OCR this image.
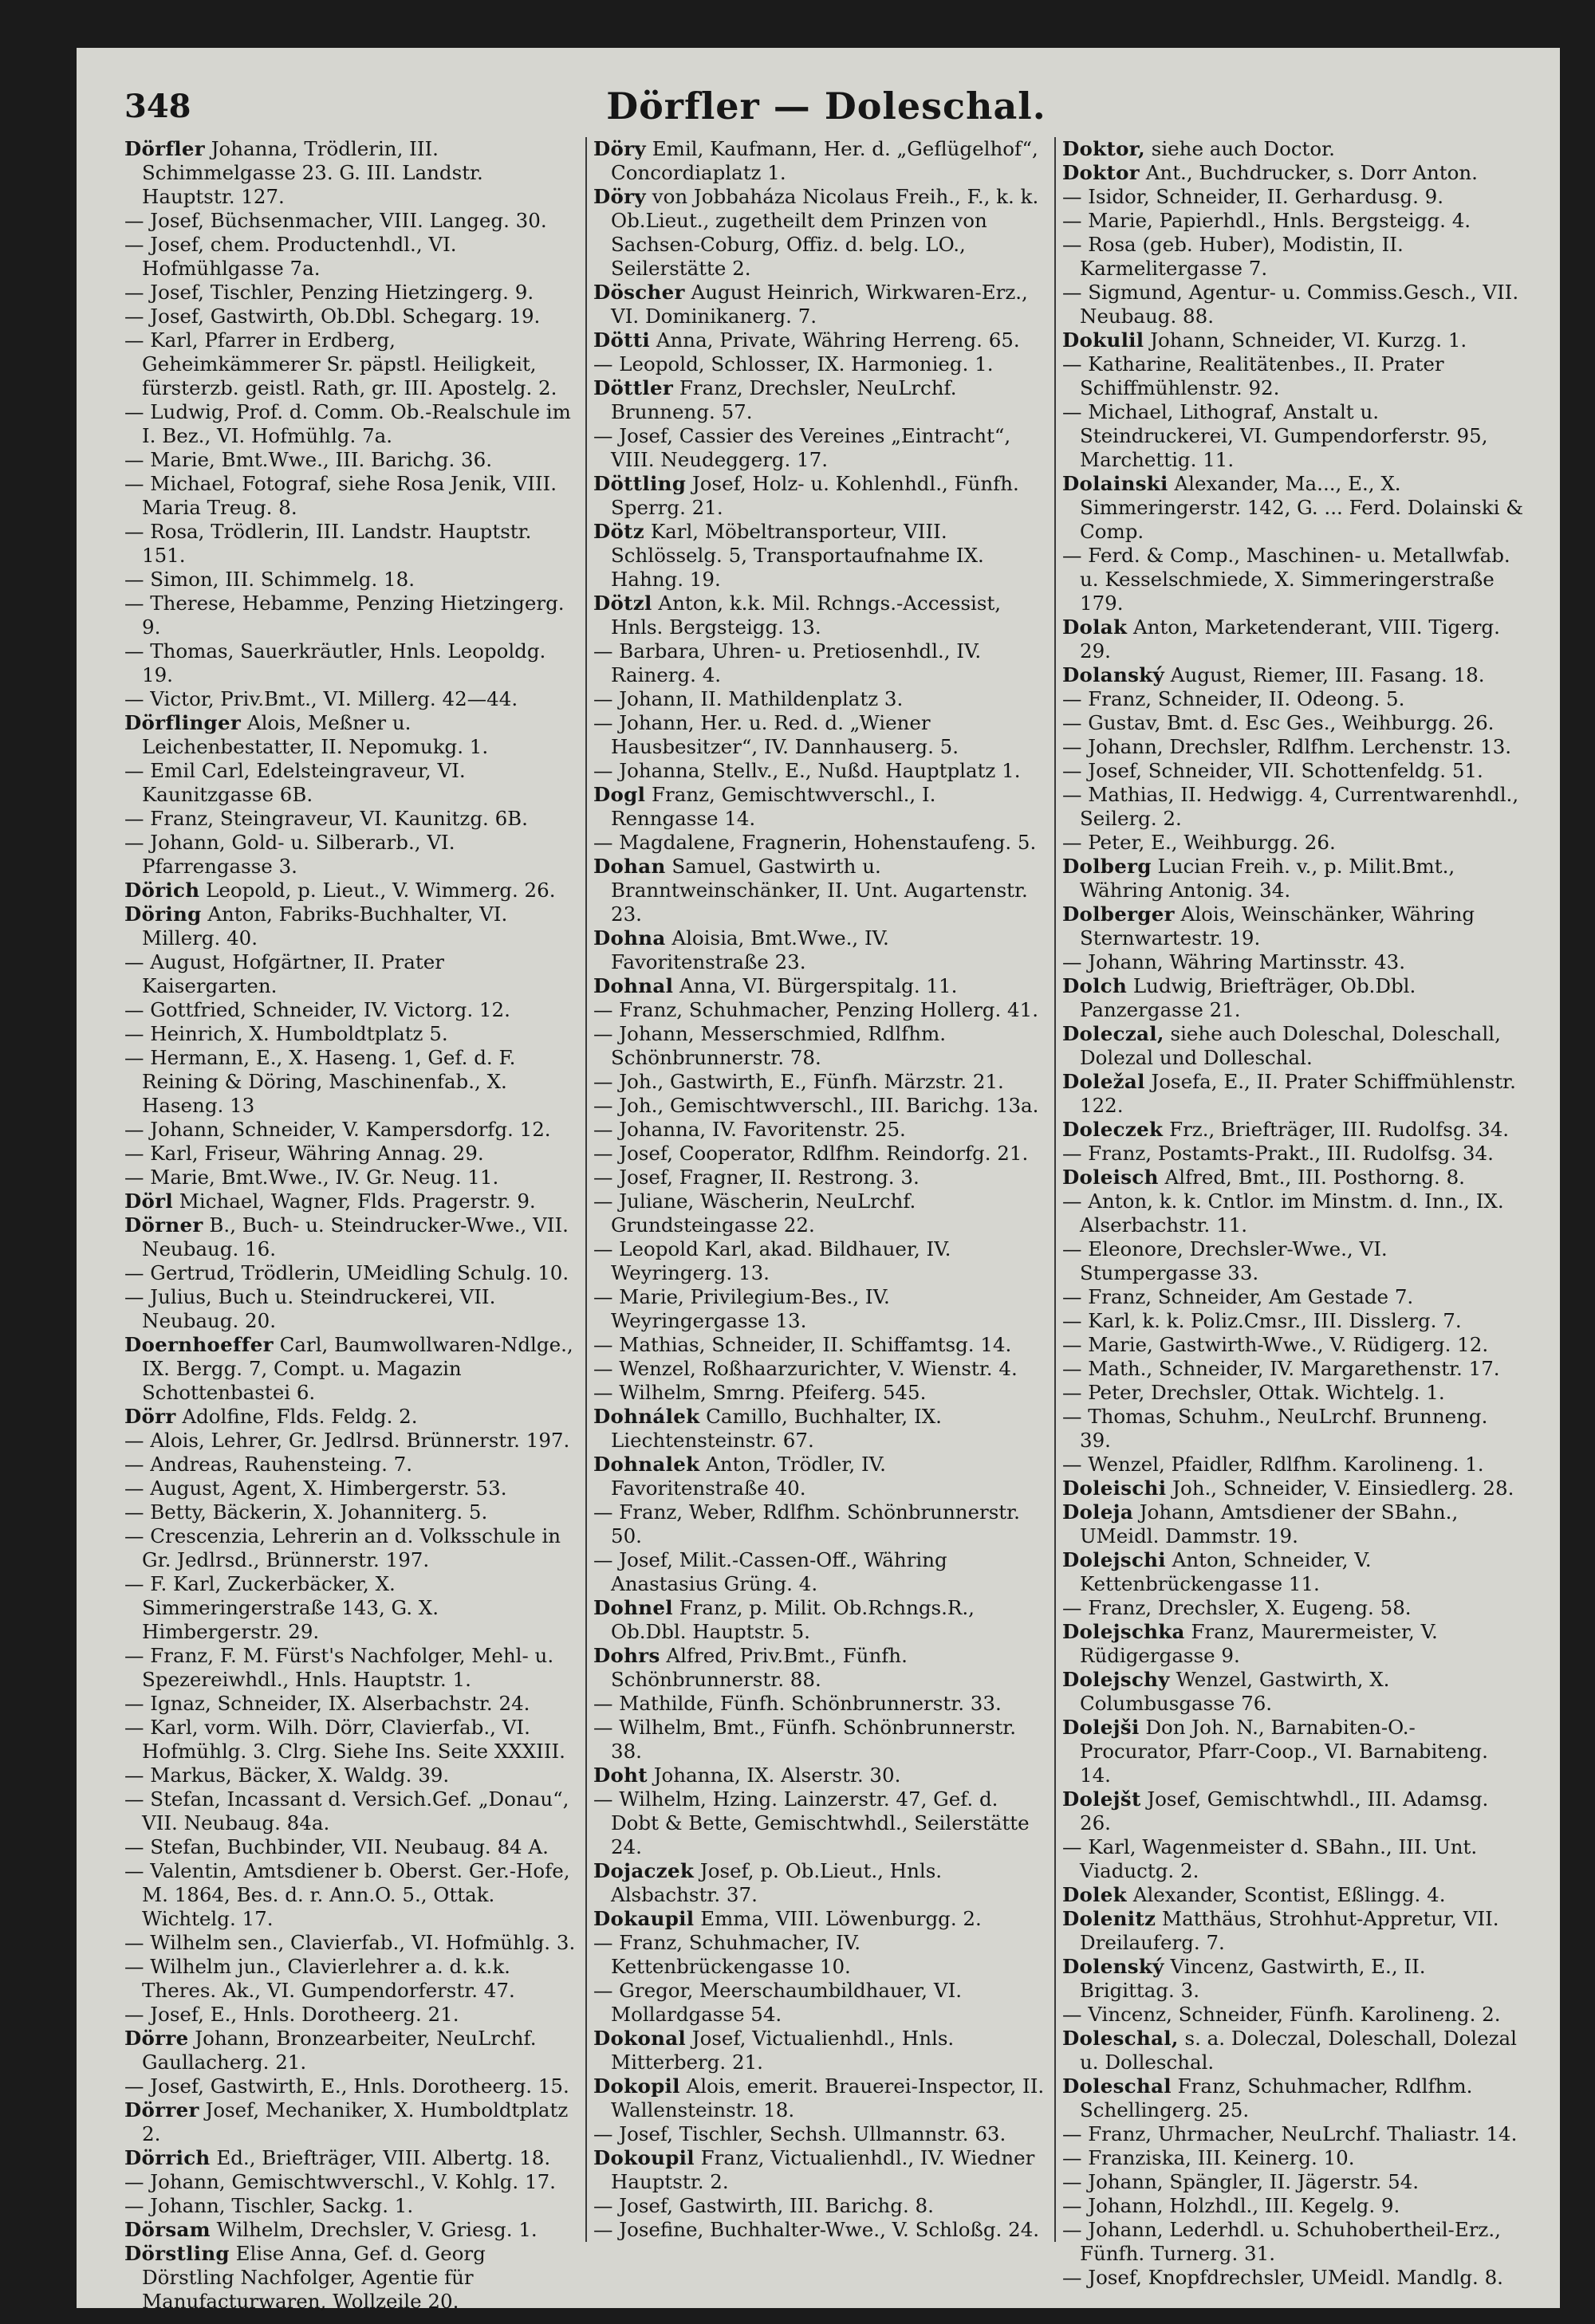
348	Dörfler — Doleschal.
Dörfler Johanna, Trödlerin, III. Schimmelgasse 23. G. III. Landstr. Hauptstr. 127.
— Josef, Büchsenmacher, VIII. Langeg. 30.
— Josef, chem. Productenhdl., VI. Hofmühlgasse 7a.
— Josef, Tischler, Penzing Hietzingerg. 9.
— Josef, Gastwirth, Ob.Dbl. Schegarg. 19.
— Karl, Pfarrer in Erdberg, Geheimkämmerer Sr. päpstl. Heiligkeit, fürsterzb. geistl. Rath, gr. III. Apostelg. 2.
— Ludwig, Prof. d. Comm. Ob.-Realschule im I. Bez., VI. Hofmühlg. 7a.
— Marie, Bmt.Wwe., III. Barichg. 36.
— Michael, Fotograf, siehe Rosa Jenik, VIII. Maria Treug. 8.
— Rosa, Trödlerin, III. Landstr. Hauptstr. 151.
— Simon, III. Schimmelg. 18.
— Therese, Hebamme, Penzing Hietzingerg. 9.
— Thomas, Sauerkräutler, Hnls. Leopoldg. 19.
— Victor, Priv.Bmt., VI. Millerg. 42—44.
Dörflinger Alois, Meßner u. Leichenbestatter, II. Nepomukg. 1.
— Emil Carl, Edelsteingraveur, VI. Kaunitzgasse 6B.
— Franz, Steingraveur, VI. Kaunitzg. 6B.
— Johann, Gold- u. Silberarb., VI. Pfarrengasse 3.
Dörich Leopold, p. Lieut., V. Wimmerg. 26.
Döring Anton, Fabriks-Buchhalter, VI. Millerg. 40.
— August, Hofgärtner, II. Prater Kaisergarten.
— Gottfried, Schneider, IV. Victorg. 12.
— Heinrich, X. Humboldtplatz 5.
— Hermann, E., X. Haseng. 1, Gef. d. F. Reining & Döring, Maschinenfab., X. Haseng. 13
— Johann, Schneider, V. Kampersdorfg. 12.
— Karl, Friseur, Währing Annag. 29.
— Marie, Bmt.Wwe., IV. Gr. Neug. 11.
Dörl Michael, Wagner, Flds. Pragerstr. 9.
Dörner B., Buch- u. Steindrucker-Wwe., VII. Neubaug. 16.
— Gertrud, Trödlerin, UMeidling Schulg. 10.
— Julius, Buch u. Steindruckerei, VII. Neubaug. 20.
Doernhoeffer Carl, Baumwollwaren-Ndlge., IX. Bergg. 7, Compt. u. Magazin Schottenbastei 6.
Dörr Adolfine, Flds. Feldg. 2.
— Alois, Lehrer, Gr. Jedlrsd. Brünnerstr. 197.
— Andreas, Rauhensteing. 7.
— August, Agent, X. Himbergerstr. 53.
— Betty, Bäckerin, X. Johanniterg. 5.
— Crescenzia, Lehrerin an d. Volksschule in Gr. Jedlrsd., Brünnerstr. 197.
— F. Karl, Zuckerbäcker, X. Simmeringerstraße 143, G. X. Himbergerstr. 29.
— Franz, F. M. Fürst's Nachfolger, Mehl- u. Spezereiwhdl., Hnls. Hauptstr. 1.
— Ignaz, Schneider, IX. Alserbachstr. 24.
— Karl, vorm. Wilh. Dörr, Clavierfab., VI. Hofmühlg. 3. Clrg. Siehe Ins. Seite XXXIII.
— Markus, Bäcker, X. Waldg. 39.
— Stefan, Incassant d. Versich.Gef. „Donau“, VII. Neubaug. 84a.
— Stefan, Buchbinder, VII. Neubaug. 84 A.
— Valentin, Amtsdiener b. Oberst. Ger.-Hofe, M. 1864, Bes. d. r. Ann.O. 5., Ottak. Wichtelg. 17.
— Wilhelm sen., Clavierfab., VI. Hofmühlg. 3.
— Wilhelm jun., Clavierlehrer a. d. k.k. Theres. Ak., VI. Gumpendorferstr. 47.
— Josef, E., Hnls. Dorotheerg. 21.
Dörre Johann, Bronzearbeiter, NeuLrchf. Gaullacherg. 21.
— Josef, Gastwirth, E., Hnls. Dorotheerg. 15.
Dörrer Josef, Mechaniker, X. Humboldtplatz 2.
Dörrich Ed., Briefträger, VIII. Albertg. 18.
— Johann, Gemischtwverschl., V. Kohlg. 17.
— Johann, Tischler, Sackg. 1.
Dörsam Wilhelm, Drechsler, V. Griesg. 1.
Dörstling Elise Anna, Gef. d. Georg Dörstling Nachfolger, Agentie für Manufacturwaren, Wollzeile 20.
Döry Emil, Kaufmann, Her. d. „Geflügelhof“, Concordiaplatz 1.
Döry von Jobbaháza Nicolaus Freih., F., k. k. Ob.Lieut., zugetheilt dem Prinzen von Sachsen-Coburg, Offiz. d. belg. LO., Seilerstätte 2.
Döscher August Heinrich, Wirkwaren-Erz., VI. Dominikanerg. 7.
Dötti Anna, Private, Währing Herreng. 65.
— Leopold, Schlosser, IX. Harmonieg. 1.
Döttler Franz, Drechsler, NeuLrchf. Brunneng. 57.
— Josef, Cassier des Vereines „Eintracht“, VIII. Neudeggerg. 17.
Döttling Josef, Holz- u. Kohlenhdl., Fünfh. Sperrg. 21.
Dötz Karl, Möbeltransporteur, VIII. Schlösselg. 5, Transportaufnahme IX. Hahng. 19.
Dötzl Anton, k.k. Mil. Rchngs.-Accessist, Hnls. Bergsteigg. 13.
— Barbara, Uhren- u. Pretiosenhdl., IV. Rainerg. 4.
— Johann, II. Mathildenplatz 3.
— Johann, Her. u. Red. d. „Wiener Hausbesitzer“, IV. Dannhauserg. 5.
— Johanna, Stellv., E., Nußd. Hauptplatz 1.
Dogl Franz, Gemischtwverschl., I. Renngasse 14.
— Magdalene, Fragnerin, Hohenstaufeng. 5.
Dohan Samuel, Gastwirth u. Branntweinschänker, II. Unt. Augartenstr. 23.
Dohna Aloisia, Bmt.Wwe., IV. Favoritenstraße 23.
Dohnal Anna, VI. Bürgerspitalg. 11.
— Franz, Schuhmacher, Penzing Hollerg. 41.
— Johann, Messerschmied, Rdlfhm. Schönbrunnerstr. 78.
— Joh., Gastwirth, E., Fünfh. Märzstr. 21.
— Joh., Gemischtwverschl., III. Barichg. 13a.
— Johanna, IV. Favoritenstr. 25.
— Josef, Cooperator, Rdlfhm. Reindorfg. 21.
— Josef, Fragner, II. Restrong. 3.
— Juliane, Wäscherin, NeuLrchf. Grundsteingasse 22.
— Leopold Karl, akad. Bildhauer, IV. Weyringerg. 13.
— Marie, Privilegium-Bes., IV. Weyringergasse 13.
— Mathias, Schneider, II. Schiffamtsg. 14.
— Wenzel, Roßhaarzurichter, V. Wienstr. 4.
— Wilhelm, Smrng. Pfeiferg. 545.
Dohnálek Camillo, Buchhalter, IX. Liechtensteinstr. 67.
Dohnalek Anton, Trödler, IV. Favoritenstraße 40.
— Franz, Weber, Rdlfhm. Schönbrunnerstr. 50.
— Josef, Milit.-Cassen-Off., Währing Anastasius Grüng. 4.
Dohnel Franz, p. Milit. Ob.Rchngs.R., Ob.Dbl. Hauptstr. 5.
Dohrs Alfred, Priv.Bmt., Fünfh. Schönbrunnerstr. 88.
— Mathilde, Fünfh. Schönbrunnerstr. 33.
— Wilhelm, Bmt., Fünfh. Schönbrunnerstr. 38.
Doht Johanna, IX. Alserstr. 30.
— Wilhelm, Hzing. Lainzerstr. 47, Gef. d. Dobt & Bette, Gemischtwhdl., Seilerstätte 24.
Dojaczek Josef, p. Ob.Lieut., Hnls. Alsbachstr. 37.
Dokaupil Emma, VIII. Löwenburgg. 2.
— Franz, Schuhmacher, IV. Kettenbrückengasse 10.
— Gregor, Meerschaumbildhauer, VI. Mollardgasse 54.
Dokonal Josef, Victualienhdl., Hnls. Mitterberg. 21.
Dokopil Alois, emerit. Brauerei-Inspector, II. Wallensteinstr. 18.
— Josef, Tischler, Sechsh. Ullmannstr. 63.
Dokoupil Franz, Victualienhdl., IV. Wiedner Hauptstr. 2.
— Josef, Gastwirth, III. Barichg. 8.
— Josefine, Buchhalter-Wwe., V. Schloßg. 24.
Doktor, siehe auch Doctor.
Doktor Ant., Buchdrucker, s. Dorr Anton.
— Isidor, Schneider, II. Gerhardusg. 9.
— Marie, Papierhdl., Hnls. Bergsteigg. 4.
— Rosa (geb. Huber), Modistin, II. Karmelitergasse 7.
— Sigmund, Agentur- u. Commiss.Gesch., VII. Neubaug. 88.
Dokulil Johann, Schneider, VI. Kurzg. 1.
— Katharine, Realitätenbes., II. Prater Schiffmühlenstr. 92.
— Michael, Lithograf, Anstalt u. Steindruckerei, VI. Gumpendorferstr. 95, Marchettig. 11.
Dolainski Alexander, Ma..., E., X. Simmeringerstr. 142, G. ... Ferd. Dolainski & Comp.
— Ferd. & Comp., Maschinen- u. Metallwfab. u. Kesselschmiede, X. Simmeringerstraße 179.
Dolak Anton, Marketenderant, VIII. Tigerg. 29.
Dolanský August, Riemer, III. Fasang. 18.
— Franz, Schneider, II. Odeong. 5.
— Gustav, Bmt. d. Esc Ges., Weihburgg. 26.
— Johann, Drechsler, Rdlfhm. Lerchenstr. 13.
— Josef, Schneider, VII. Schottenfeldg. 51.
— Mathias, II. Hedwigg. 4, Currentwarenhdl., Seilerg. 2.
— Peter, E., Weihburgg. 26.
Dolberg Lucian Freih. v., p. Milit.Bmt., Währing Antonig. 34.
Dolberger Alois, Weinschänker, Währing Sternwartestr. 19.
— Johann, Währing Martinsstr. 43.
Dolch Ludwig, Briefträger, Ob.Dbl. Panzergasse 21.
Doleczal, siehe auch Doleschal, Doleschall, Dolezal und Dolleschal.
Doležal Josefa, E., II. Prater Schiffmühlenstr. 122.
Doleczek Frz., Briefträger, III. Rudolfsg. 34.
— Franz, Postamts-Prakt., III. Rudolfsg. 34.
Doleisch Alfred, Bmt., III. Posthorng. 8.
— Anton, k. k. Cntlor. im Minstm. d. Inn., IX. Alserbachstr. 11.
— Eleonore, Drechsler-Wwe., VI. Stumpergasse 33.
— Franz, Schneider, Am Gestade 7.
— Karl, k. k. Poliz.Cmsr., III. Disslerg. 7.
— Marie, Gastwirth-Wwe., V. Rüdigerg. 12.
— Math., Schneider, IV. Margarethenstr. 17.
— Peter, Drechsler, Ottak. Wichtelg. 1.
— Thomas, Schuhm., NeuLrchf. Brunneng. 39.
— Wenzel, Pfaidler, Rdlfhm. Karolineng. 1.
Doleischi Joh., Schneider, V. Einsiedlerg. 28.
Doleja Johann, Amtsdiener der SBahn., UMeidl. Dammstr. 19.
Dolejschi Anton, Schneider, V. Kettenbrückengasse 11.
— Franz, Drechsler, X. Eugeng. 58.
Dolejschka Franz, Maurermeister, V. Rüdigergasse 9.
Dolejschy Wenzel, Gastwirth, X. Columbusgasse 76.
Dolejši Don Joh. N., Barnabiten-O.-Procurator, Pfarr-Coop., VI. Barnabiteng. 14.
Dolejšt Josef, Gemischtwhdl., III. Adamsg. 26.
— Karl, Wagenmeister d. SBahn., III. Unt. Viaductg. 2.
Dolek Alexander, Scontist, Eßlingg. 4.
Dolenitz Matthäus, Strohhut-Appretur, VII. Dreilauferg. 7.
Dolenský Vincenz, Gastwirth, E., II. Brigittag. 3.
— Vincenz, Schneider, Fünfh. Karolineng. 2.
Doleschal, s. a. Doleczal, Doleschall, Dolezal u. Dolleschal.
Doleschal Franz, Schuhmacher, Rdlfhm. Schellingerg. 25.
— Franz, Uhrmacher, NeuLrchf. Thaliastr. 14.
— Franziska, III. Keinerg. 10.
— Johann, Spängler, II. Jägerstr. 54.
— Johann, Holzhdl., III. Kegelg. 9.
— Johann, Lederhdl. u. Schuhobertheil-Erz., Fünfh. Turnerg. 31.
— Josef, Knopfdrechsler, UMeidl. Mandlg. 8.
